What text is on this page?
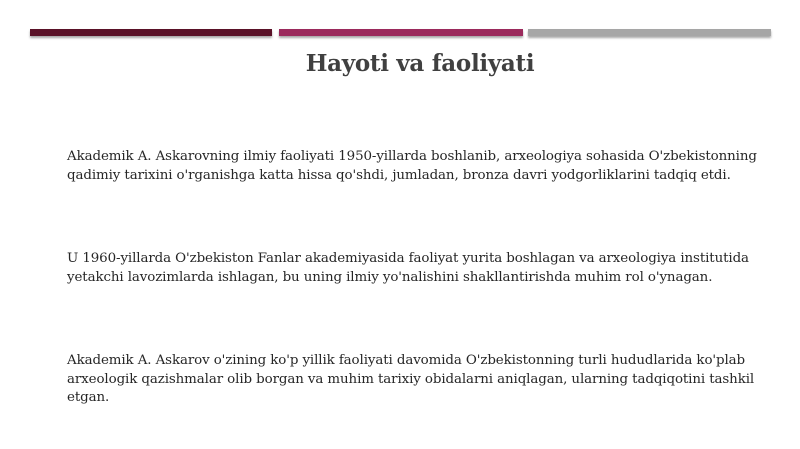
Hayoti va faoliyati

Akademik A. Askarovning ilmiy faoliyati 1950-yillarda boshlanib, arxeologiya sohasida O'zbekistonning qadimiy tarixini o'rganishga katta hissa qo'shdi, jumladan, bronza davri yodgorliklarini tadqiq etdi.

U 1960-yillarda O'zbekiston Fanlar akademiyasida faoliyat yurita boshlagan va arxeologiya institutida yetakchi lavozimlarda ishlagan, bu uning ilmiy yo'nalishini shakllantirishda muhim rol o'ynagan.

Akademik A. Askarov o'zining ko'p yillik faoliyati davomida O'zbekistonning turli hududlarida ko'plab arxeologik qazishmalar olib borgan va muhim tarixiy obidalarni aniqlagan, ularning tadqiqotini tashkil etgan.
